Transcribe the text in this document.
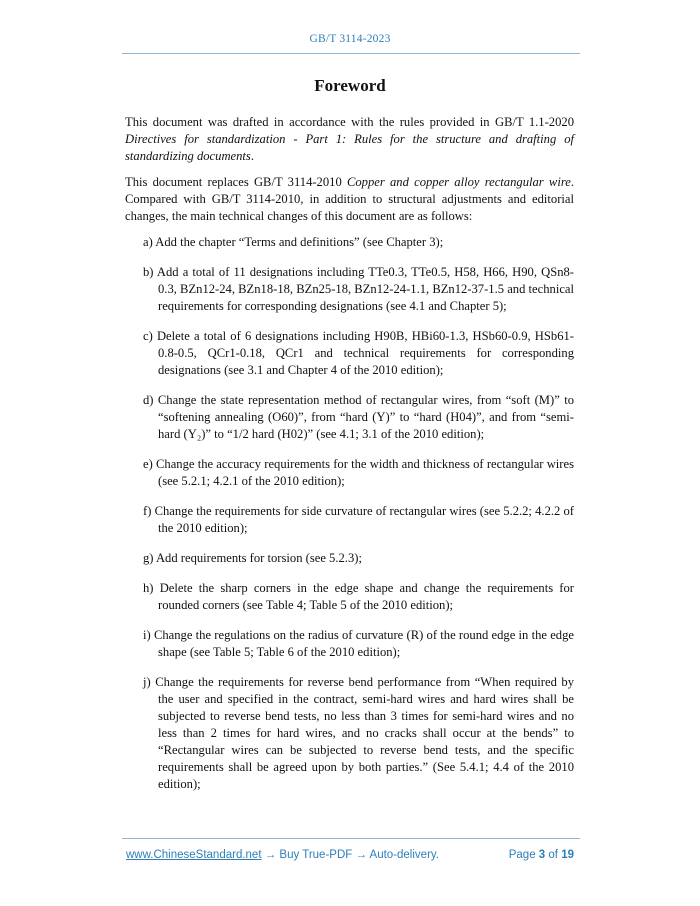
GB/T 3114-2023
Foreword

This document was drafted in accordance with the rules provided in GB/T 1.1-2020 Directives for standardization - Part 1: Rules for the structure and drafting of standardizing documents.

This document replaces GB/T 3114-2010 Copper and copper alloy rectangular wire. Compared with GB/T 3114-2010, in addition to structural adjustments and editorial changes, the main technical changes of this document are as follows:

a) Add the chapter “Terms and definitions” (see Chapter 3);
b) Add a total of 11 designations including TTe0.3, TTe0.5, H58, H66, H90, QSn8-0.3, BZn12-24, BZn18-18, BZn25-18, BZn12-24-1.1, BZn12-37-1.5 and technical requirements for corresponding designations (see 4.1 and Chapter 5);
c) Delete a total of 6 designations including H90B, HBi60-1.3, HSb60-0.9, HSb61-0.8-0.5, QCr1-0.18, QCr1 and technical requirements for corresponding designations (see 3.1 and Chapter 4 of the 2010 edition);
d) Change the state representation method of rectangular wires, from “soft (M)” to “softening annealing (O60)”, from “hard (Y)” to “hard (H04)”, and from “semi-hard (Y₂)” to “1/2 hard (H02)” (see 4.1; 3.1 of the 2010 edition);
e) Change the accuracy requirements for the width and thickness of rectangular wires (see 5.2.1; 4.2.1 of the 2010 edition);
f) Change the requirements for side curvature of rectangular wires (see 5.2.2; 4.2.2 of the 2010 edition);
g) Add requirements for torsion (see 5.2.3);
h) Delete the sharp corners in the edge shape and change the requirements for rounded corners (see Table 4; Table 5 of the 2010 edition);
i) Change the regulations on the radius of curvature (R) of the round edge in the edge shape (see Table 5; Table 6 of the 2010 edition);
j) Change the requirements for reverse bend performance from “When required by the user and specified in the contract, semi-hard wires and hard wires shall be subjected to reverse bend tests, no less than 3 times for semi-hard wires and no less than 2 times for hard wires, and no cracks shall occur at the bends” to “Rectangular wires can be subjected to reverse bend tests, and the specific requirements shall be agreed upon by both parties.” (See 5.4.1; 4.4 of the 2010 edition);
www.ChineseStandard.net → Buy True-PDF → Auto-delivery.	Page 3 of 19
